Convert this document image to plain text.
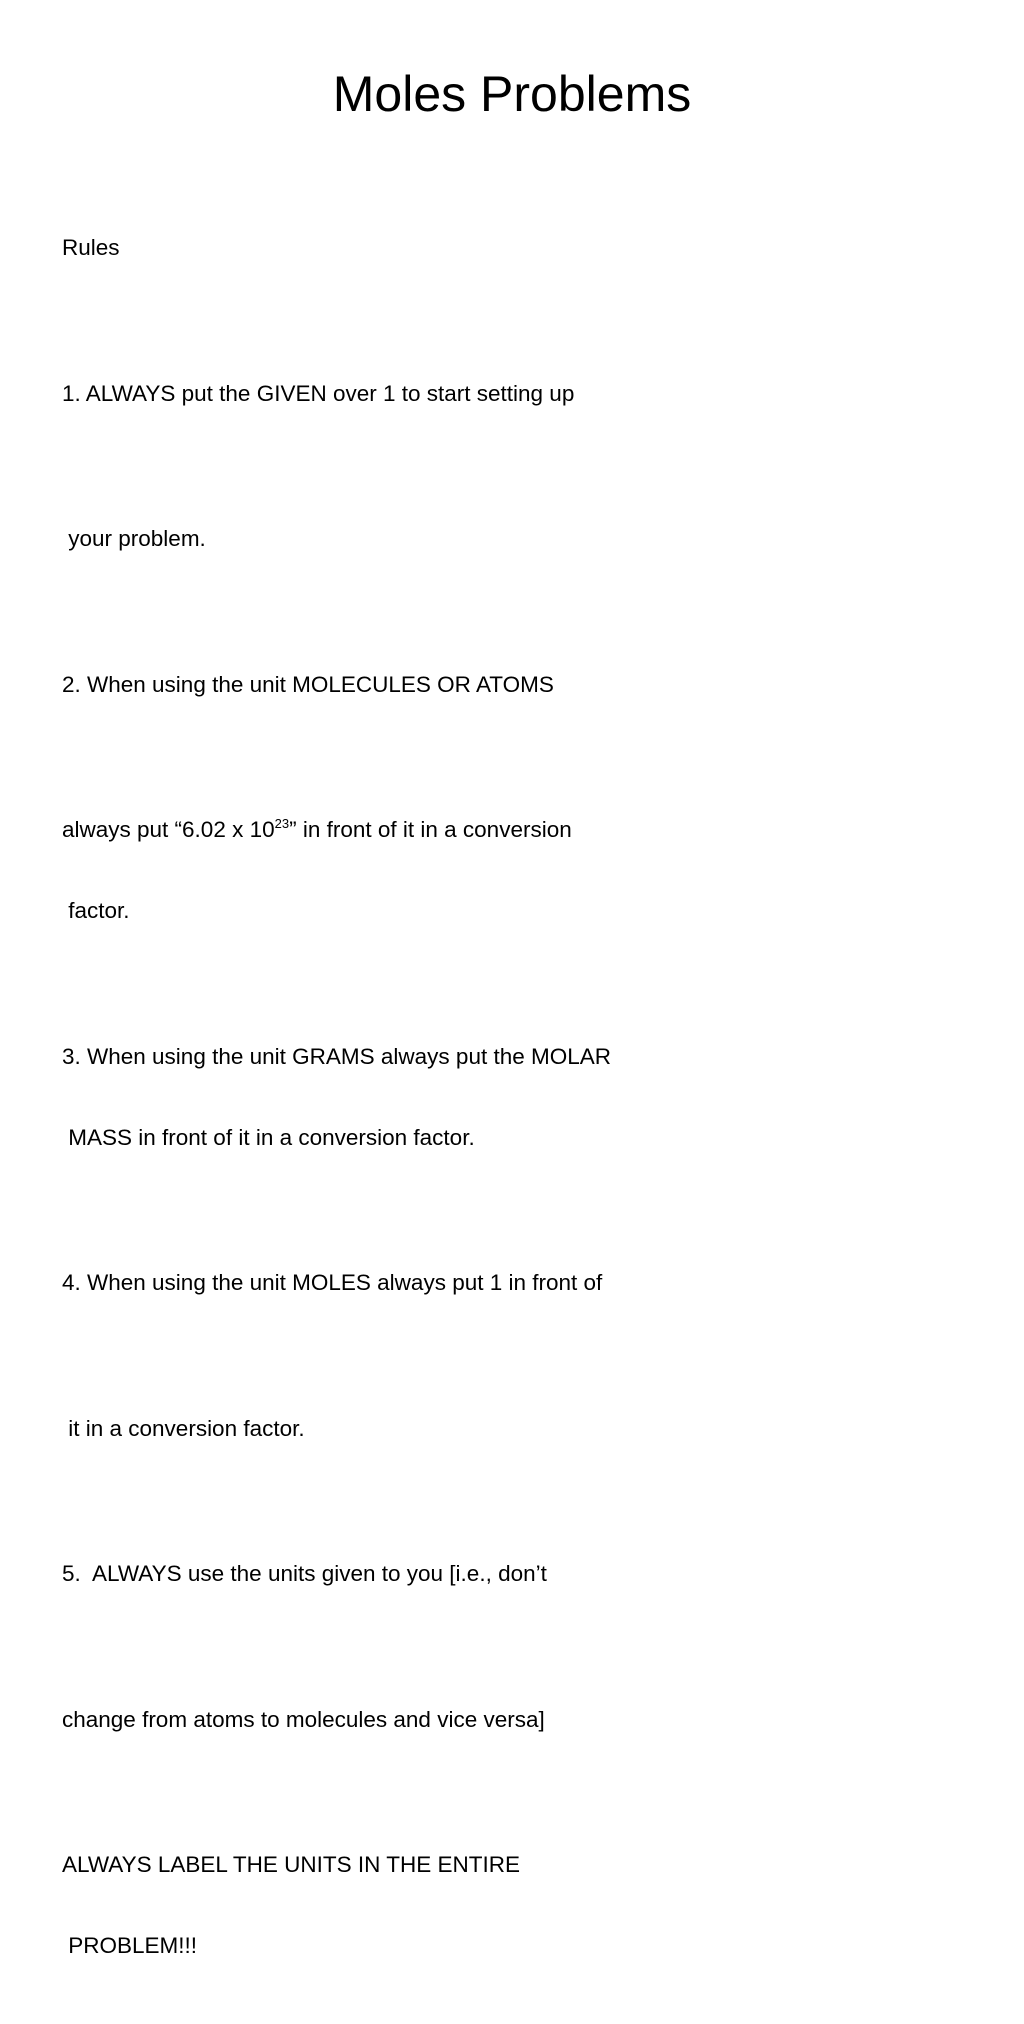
Moles Problems

Rules

1. ALWAYS put the GIVEN over 1 to start setting up

your problem.

2. When using the unit MOLECULES OR ATOMS

always put “6.02 x $10^{23}$” in front of it in a conversion

factor.

3. When using the unit GRAMS always put the MOLAR

MASS in front of it in a conversion factor.

4. When using the unit MOLES always put 1 in front of

it in a conversion factor.

5.  ALWAYS use the units given to you [i.e., don’t

change from atoms to molecules and vice versa]

ALWAYS LABEL THE UNITS IN THE ENTIRE

PROBLEM!!!
